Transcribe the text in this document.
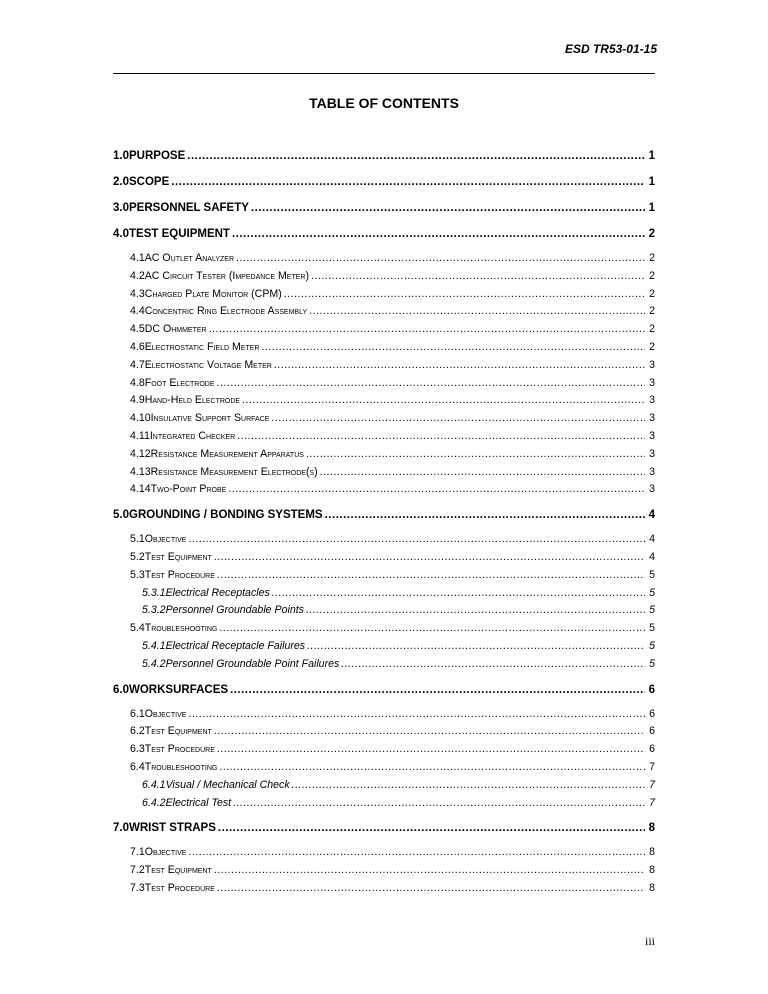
ESD TR53-01-15
TABLE OF CONTENTS
1.0 PURPOSE .....	1
2.0 SCOPE .....	1
3.0 PERSONNEL SAFETY .....	1
4.0 TEST EQUIPMENT .....	2
4.1 AC Outlet Analyzer .....	2
4.2 AC Circuit Tester (Impedance Meter) .....	2
4.3 Charged Plate Monitor (CPM) .....	2
4.4 Concentric Ring Electrode Assembly .....	2
4.5 DC Ohmmeter .....	2
4.6 Electrostatic Field Meter .....	2
4.7 Electrostatic Voltage Meter .....	3
4.8 Foot Electrode .....	3
4.9 Hand-Held Electrode .....	3
4.10 Insulative Support Surface .....	3
4.11 Integrated Checker .....	3
4.12 Resistance Measurement Apparatus .....	3
4.13 Resistance Measurement Electrode(s) .....	3
4.14 Two-Point Probe .....	3
5.0 GROUNDING / BONDING SYSTEMS .....	4
5.1 Objective .....	4
5.2 Test Equipment .....	4
5.3 Test Procedure .....	5
5.3.1 Electrical Receptacles .....	5
5.3.2 Personnel Groundable Points .....	5
5.4 Troubleshooting .....	5
5.4.1 Electrical Receptacle Failures .....	5
5.4.2 Personnel Groundable Point Failures .....	5
6.0 WORKSURFACES .....	6
6.1 Objective .....	6
6.2 Test Equipment .....	6
6.3 Test Procedure .....	6
6.4 Troubleshooting .....	7
6.4.1 Visual / Mechanical Check .....	7
6.4.2 Electrical Test .....	7
7.0 WRIST STRAPS .....	8
7.1 Objective .....	8
7.2 Test Equipment .....	8
7.3 Test Procedure .....	8
iii
